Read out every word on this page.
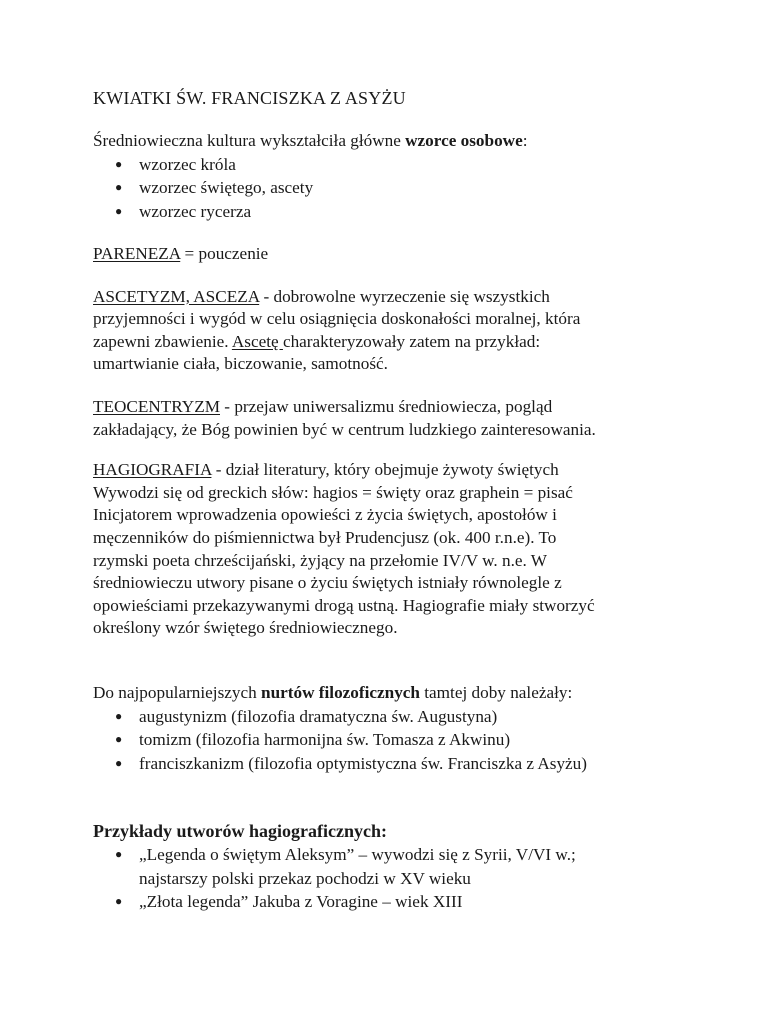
KWIATKI ŚW. FRANCISZKA Z ASYŻU

Średniowieczna kultura wykształciła główne wzorce osobowe:

● wzorzec króla
● wzorzec świętego, ascety
● wzorzec rycerza

PARENEZA = pouczenie

ASCETYZM, ASCEZA - dobrowolne wyrzeczenie się wszystkich
przyjemności i wygód w celu osiągnięcia doskonałości moralnej, która
zapewni zbawienie. Ascetę charakteryzowały zatem na przykład:
umartwianie ciała, biczowanie, samotność.

TEOCENTRYZM - przejaw uniwersalizmu średniowiecza, pogląd
zakładający, że Bóg powinien być w centrum ludzkiego zainteresowania.

HAGIOGRAFIA - dział literatury, który obejmuje żywoty świętych
Wywodzi się od greckich słów: hagios = święty oraz graphein = pisać
Inicjatorem wprowadzenia opowieści z życia świętych, apostołów i
męczenników do piśmiennictwa był Prudencjusz (ok. 400 r.n.e). To
rzymski poeta chrześcijański, żyjący na przełomie IV/V w. n.e. W
średniowieczu utwory pisane o życiu świętych istniały równolegle z
opowieściami przekazywanymi drogą ustną. Hagiografie miały stworzyć
określony wzór świętego średniowiecznego.

Do najpopularniejszych nurtów filozoficznych tamtej doby należały:

● augustynizm (filozofia dramatyczna św. Augustyna)
● tomizm (filozofia harmonijna św. Tomasza z Akwinu)
● franciszkanizm (filozofia optymistyczna św. Franciszka z Asyżu)
Przykłady utworów hagiograficznych:
● „Legenda o świętym Aleksym” – wywodzi się z Syrii, V/VI w.;
najstarszy polski przekaz pochodzi w XV wieku
● „Złota legenda” Jakuba z Voragine – wiek XIII
